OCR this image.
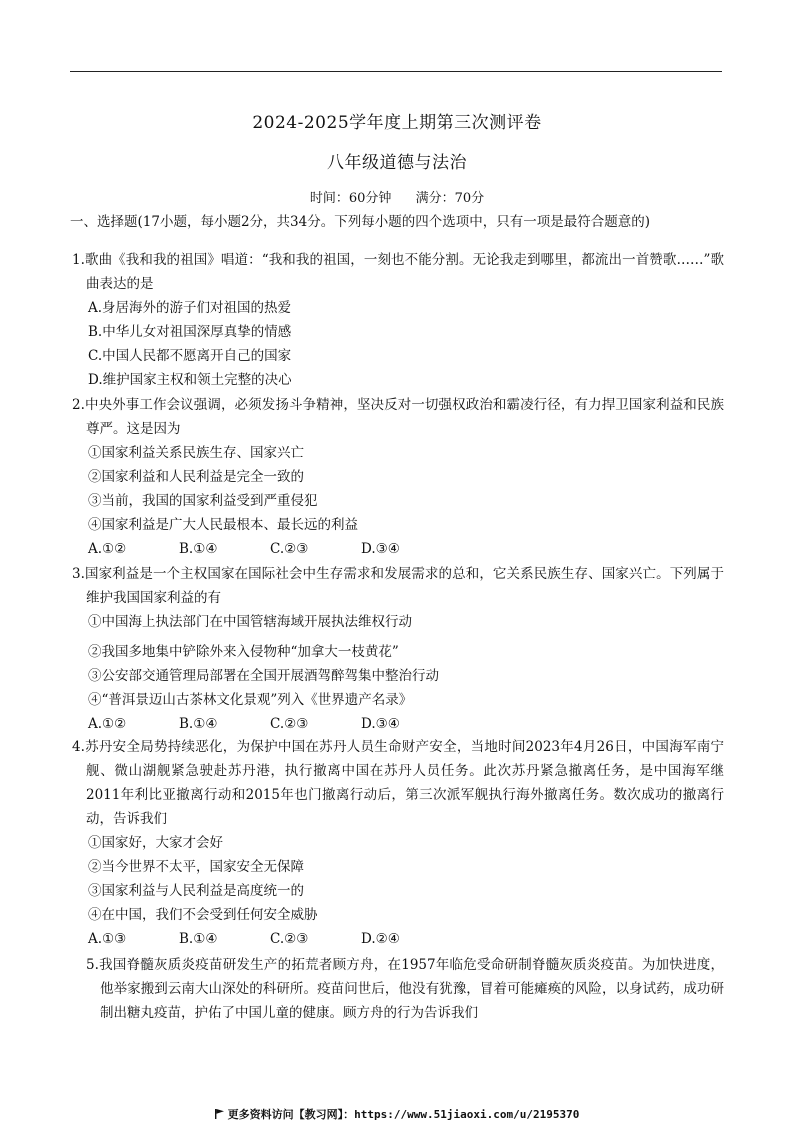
2024-2025学年度上期第三次测评卷
八年级道德与法治
时间：60分钟 满分：70分
一、选择题(17小题，每小题2分，共34分。下列每小题的四个选项中，只有一项是最符合题意的)
1.歌曲《我和我的祖国》唱道：“我和我的祖国，一刻也不能分割。无论我走到哪里，都流出一首赞歌……”歌曲表达的是
A.身居海外的游子们对祖国的热爱
B.中华儿女对祖国深厚真挚的情感
C.中国人民都不愿离开自己的国家
D.维护国家主权和领土完整的决心
2.中央外事工作会议强调，必须发扬斗争精神，坚决反对一切强权政治和霸凌行径，有力捍卫国家利益和民族尊严。这是因为
①国家利益关系民族生存、国家兴亡
②国家利益和人民利益是完全一致的
③当前，我国的国家利益受到严重侵犯
④国家利益是广大人民最根本、最长远的利益
A.①②	B.①④	C.②③	D.③④
3.国家利益是一个主权国家在国际社会中生存需求和发展需求的总和，它关系民族生存、国家兴亡。下列属于维护我国国家利益的有
①中国海上执法部门在中国管辖海域开展执法维权行动
②我国多地集中铲除外来入侵物种“加拿大一枝黄花”
③公安部交通管理局部署在全国开展酒驾醉驾集中整治行动
④“普洱景迈山古茶林文化景观”列入《世界遗产名录》
A.①②	B.①④	C.②③	D.③④
4.苏丹安全局势持续恶化，为保护中国在苏丹人员生命财产安全，当地时间2023年4月26日，中国海军南宁舰、微山湖舰紧急驶赴苏丹港，执行撤离中国在苏丹人员任务。此次苏丹紧急撤离任务，是中国海军继2011年利比亚撤离行动和2015年也门撤离行动后，第三次派军舰执行海外撤离任务。数次成功的撤离行动，告诉我们
①国家好，大家才会好
②当今世界不太平，国家安全无保障
③国家利益与人民利益是高度统一的
④在中国，我们不会受到任何安全威胁
A.①③	B.①④	C.②③	D.②④
5.我国脊髓灰质炎疫苗研发生产的拓荒者顾方舟，在1957年临危受命研制脊髓灰质炎疫苗。为加快进度，他举家搬到云南大山深处的科研所。疫苗问世后，他没有犹豫，冒着可能瘫痪的风险，以身试药，成功研制出糖丸疫苗，护佑了中国儿童的健康。顾方舟的行为告诉我们
更多资料访问【教习网】：https://www.51jiaoxi.com/u/2195370
